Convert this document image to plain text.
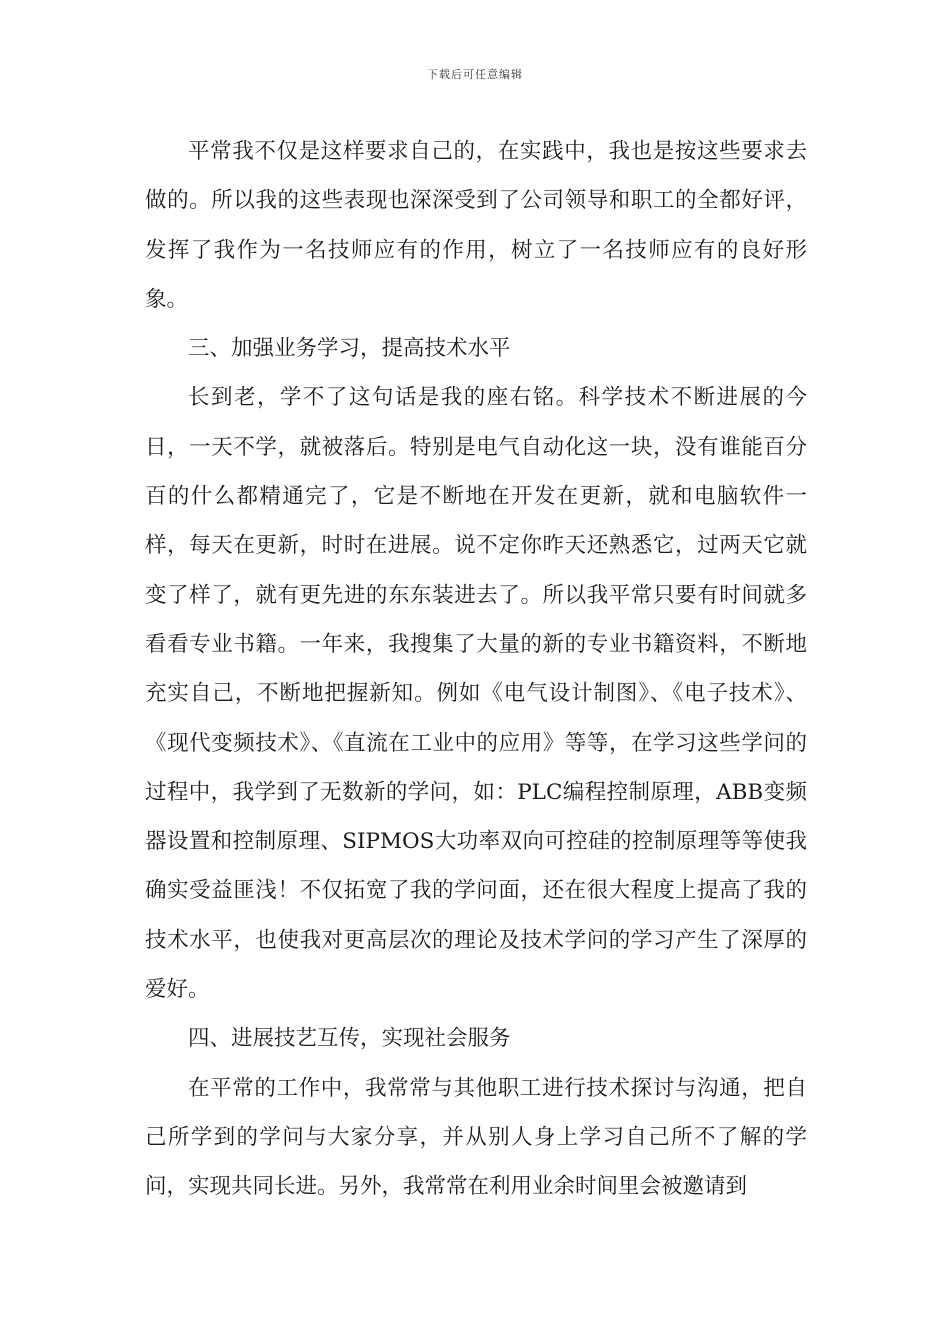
下载后可任意编辑

平常我不仅是这样要求自己的，在实践中，我也是按这些要求去做的。所以我的这些表现也深深受到了公司领导和职工的全都好评，发挥了我作为一名技师应有的作用，树立了一名技师应有的良好形象。

三、加强业务学习，提高技术水平

长到老，学不了这句话是我的座右铭。科学技术不断进展的今日，一天不学，就被落后。特别是电气自动化这一块，没有谁能百分百的什么都精通完了，它是不断地在开发在更新，就和电脑软件一样，每天在更新，时时在进展。说不定你昨天还熟悉它，过两天它就变了样了，就有更先进的东东装进去了。所以我平常只要有时间就多看看专业书籍。一年来，我搜集了大量的新的专业书籍资料，不断地充实自己，不断地把握新知。例如《电气设计制图》、《电子技术》、《现代变频技术》、《直流在工业中的应用》等等，在学习这些学问的过程中，我学到了无数新的学问，如：PLC编程控制原理，ABB变频器设置和控制原理、SIPMOS大功率双向可控硅的控制原理等等使我确实受益匪浅！不仅拓宽了我的学问面，还在很大程度上提高了我的技术水平，也使我对更高层次的理论及技术学问的学习产生了深厚的爱好。

四、进展技艺互传，实现社会服务

在平常的工作中，我常常与其他职工进行技术探讨与沟通，把自己所学到的学问与大家分享，并从别人身上学习自己所不了解的学问，实现共同长进。另外，我常常在利用业余时间里会被邀请到
